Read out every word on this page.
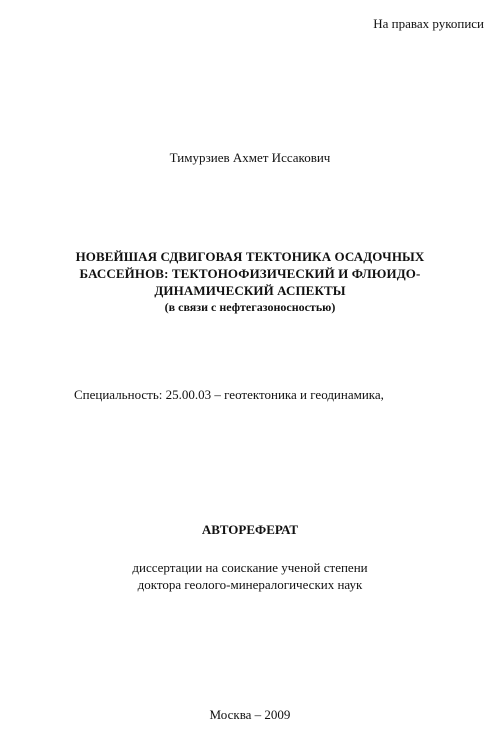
На правах рукописи
Тимурзиев Ахмет Иссакович
НОВЕЙШАЯ СДВИГОВАЯ ТЕКТОНИКА ОСАДОЧНЫХ
БАССЕЙНОВ: ТЕКТОНОФИЗИЧЕСКИЙ И ФЛЮИДО-
ДИНАМИЧЕСКИЙ АСПЕКТЫ
(в связи с нефтегазоносностью)
Специальность: 25.00.03 – геотектоника и геодинамика,
АВТОРЕФЕРАТ
диссертации на соискание ученой степени
доктора геолого-минералогических наук
Москва – 2009
